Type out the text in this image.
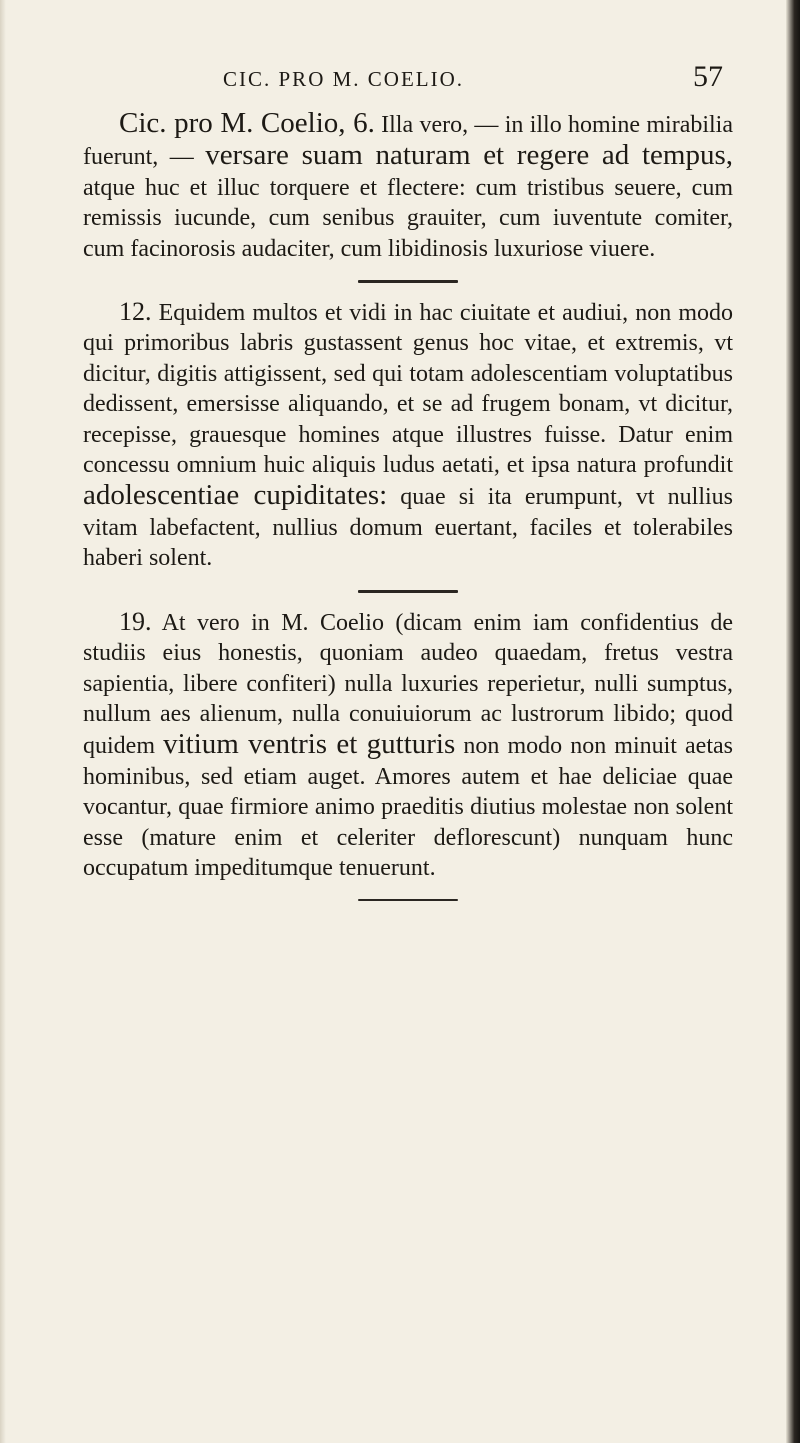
CIC. PRO M. COELIO.	57

Cic. pro M. Coelio, 6. Illa vero, — in illo homine mirabilia fuerunt, — versare suam naturam et regere ad tempus, atque huc et illuc torquere et flectere: cum tristibus seuere, cum remissis iucunde, cum senibus grauiter, cum iuventute comiter, cum facinorosis audaciter, cum libidinosis luxuriose viuere.

12. Equidem multos et vidi in hac ciuitate et audiui, non modo qui primoribus labris gustassent genus hoc vitae, et extremis, vt dicitur, digitis attigissent, sed qui totam adolescentiam voluptatibus dedissent, emersisse aliquando, et se ad frugem bonam, vt dicitur, recepisse, grauesque homines atque illustres fuisse. Datur enim concessu omnium huic aliquis ludus aetati, et ipsa natura profundit adolescentiae cupiditates: quae si ita erumpunt, vt nullius vitam labefactent, nullius domum euertant, faciles et tolerabiles haberi solent.

19. At vero in M. Coelio (dicam enim iam confidentius de studiis eius honestis, quoniam audeo quaedam, fretus vestra sapientia, libere confiteri) nulla luxuries reperietur, nulli sumptus, nullum aes alienum, nulla conuiuiorum ac lustrorum libido; quod quidem vitium ventris et gutturis non modo non minuit aetas hominibus, sed etiam auget. Amores autem et hae deliciae quae vocantur, quae firmiore animo praeditis diutius molestae non solent esse (mature enim et celeriter deflorescunt) nunquam hunc occupatum impeditumque tenuerunt.
